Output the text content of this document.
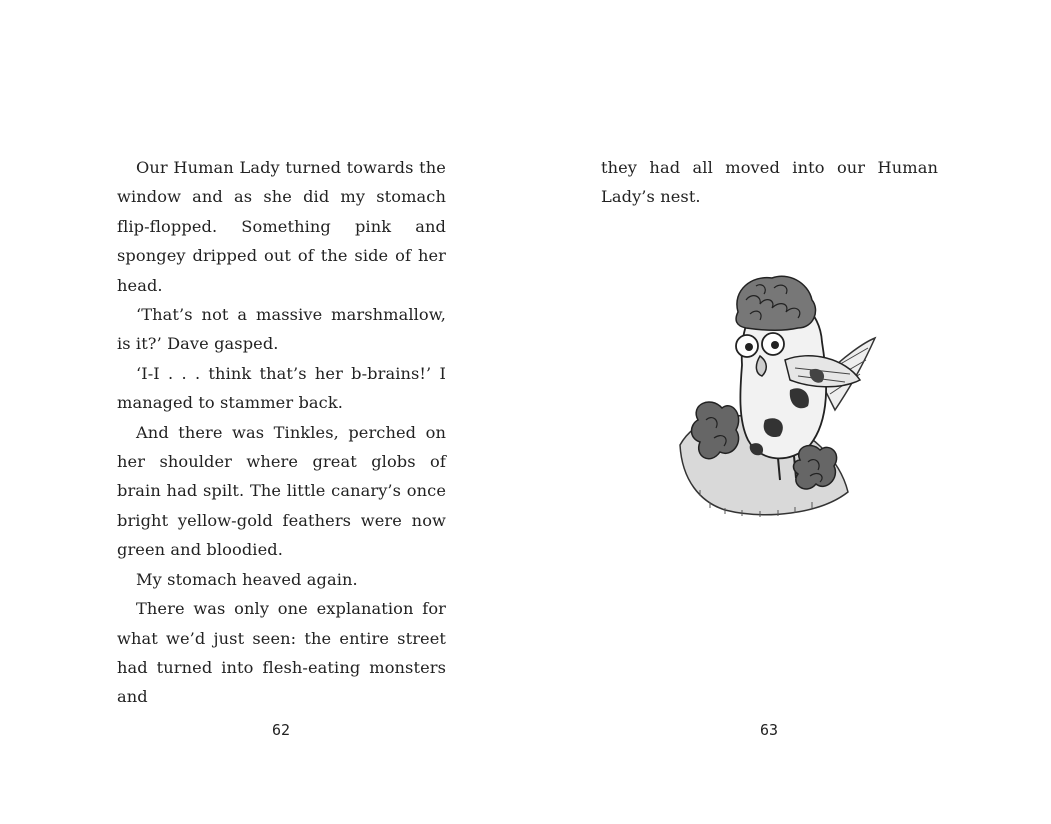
Our Human Lady turned towards the window and as she did my stomach flip-flopped. Something pink and spongey dripped out of the side of her head.

‘That’s not a massive marshmallow, is it?’ Dave gasped.

‘I-I . . . think that’s her b-brains!’ I managed to stammer back.

And there was Tinkles, perched on her shoulder where great globs of brain had spilt. The little canary’s once bright yellow-gold feathers were now green and bloodied.

My stomach heaved again.

There was only one explanation for what we’d just seen: the entire street had turned into flesh-eating monsters and

62

they had all moved into our Human Lady’s nest.

63
